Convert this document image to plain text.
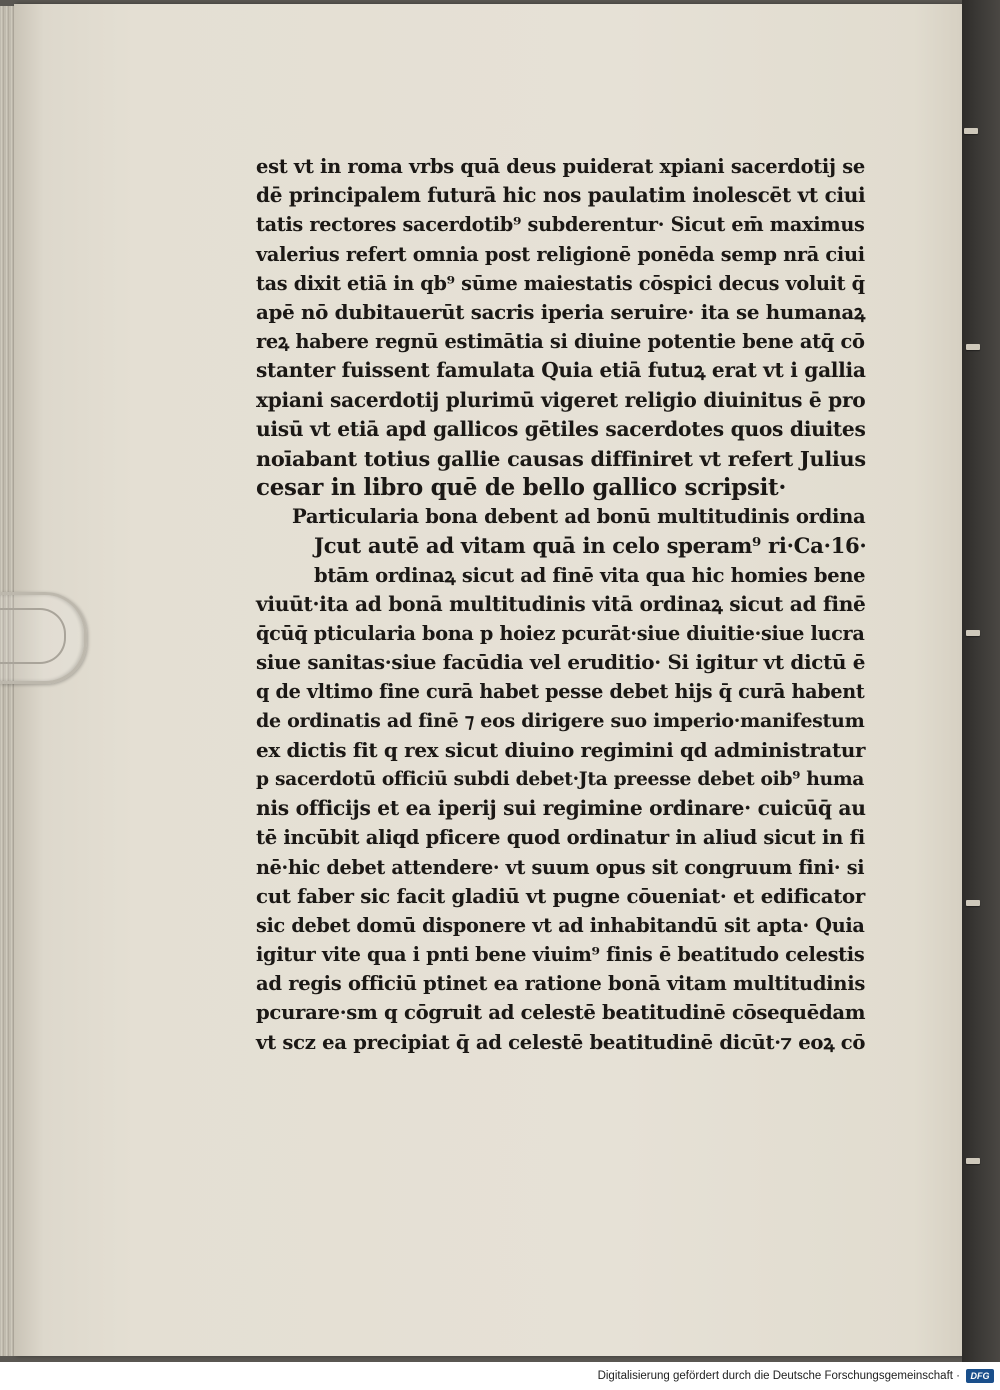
est vt in roma vrbs quā deus puiderat xpiani sacerdotij se
dē principalem futurā hic nos paulatim inolescēt vt ciui
tatis rectores sacerdotib⁹ subderentur· Sicut em̄ maximus
valerius refert omnia post religionē ponēda semp nrā ciui
tas dixit etiā in qb⁹ sūme maiestatis cōspici decus voluit q̄
apē nō dubitauerūt sacris iperia seruire· ita se humanaꝝ
reꝝ habere regnū estimātia si diuine potentie bene atq̄ cō
stanter fuissent famulata Quia etiā futuꝝ erat vt i gallia
xpiani sacerdotij plurimū vigeret religio diuinitus ē pro
uisū vt etiā apd gallicos gētiles sacerdotes quos diuites
noīabant totius gallie causas diffiniret vt refert Julius
cesar in libro quē de bello gallico scripsit·
Particularia bona debent ad bonū multitudinis ordina
Jcut autē ad vitam quā in celo speram⁹ ri·Ca·16·
btām ordinaꝝ sicut ad finē vita qua hic homies bene
viuūt·ita ad bonā multitudinis vitā ordinaꝝ sicut ad finē
q̄cūq̄ pticularia bona p hoiez pcurāt·siue diuitie·siue lucra
siue sanitas·siue facūdia vel eruditio· Si igitur vt dictū ē
q de vltimo fine curā habet pesse debet hijs q̄ curā habent
de ordinatis ad finē ⁊ eos dirigere suo imperio·manifestum
ex dictis fit q rex sicut diuino regimini qd administratur
p sacerdotū officiū subdi debet·Jta preesse debet oib⁹ huma
nis officijs et ea iperij sui regimine ordinare· cuicūq̄ au
tē incūbit aliqd pficere quod ordinatur in aliud sicut in fi
nē·hic debet attendere· vt suum opus sit congruum fini· si
cut faber sic facit gladiū vt pugne cōueniat· et edificator
sic debet domū disponere vt ad inhabitandū sit apta· Quia
igitur vite qua i pnti bene viuim⁹ finis ē beatitudo celestis
ad regis officiū ptinet ea ratione bonā vitam multitudinis
pcurare·sm q cōgruit ad celestē beatitudinē cōsequēdam
vt scz ea precipiat q̄ ad celestē beatitudinē dicūt·⁊ eoꝝ cō
Digitalisierung gefördert durch die Deutsche Forschungsgemeinschaft ·	DFG
